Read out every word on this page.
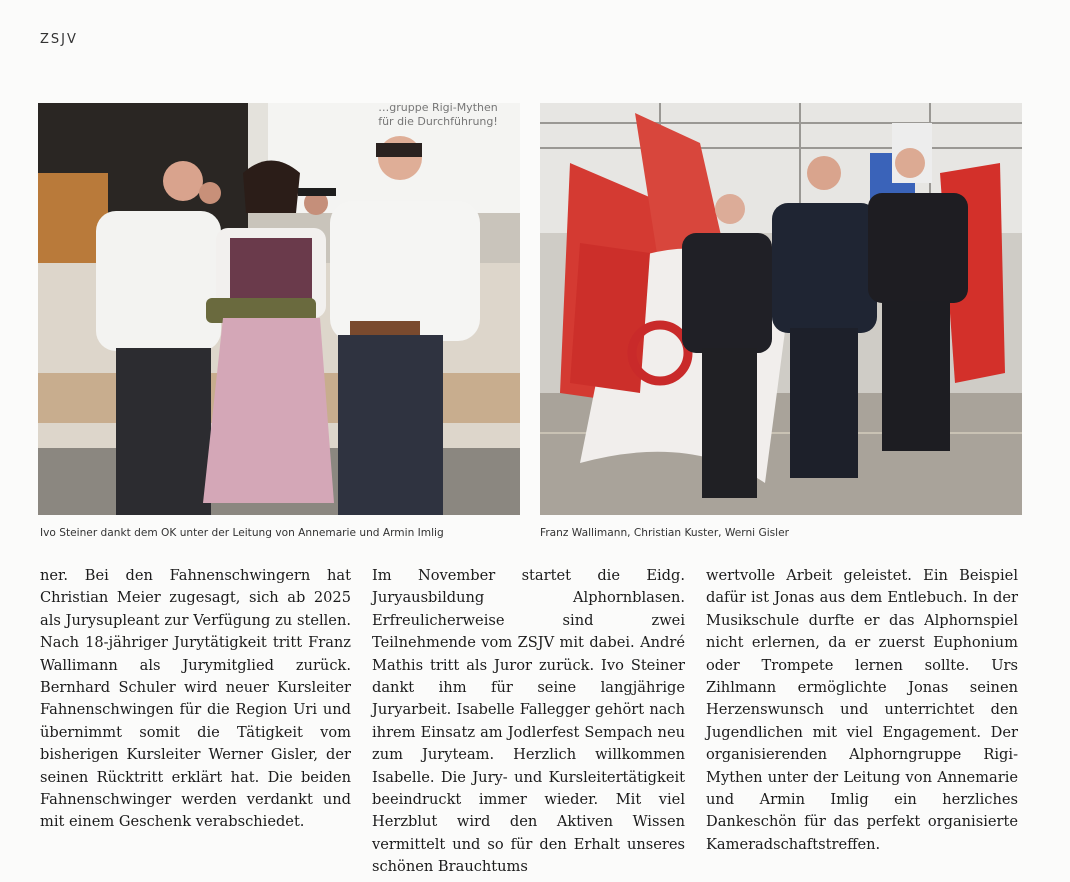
ZSJV
…gruppe Rigi-Mythen
für die Durchführung!
Ivo Steiner dankt dem OK unter der Leitung von Annemarie und Armin Imlig	Franz Wallimann, Christian Kuster, Werni Gisler

ner. Bei den Fahnenschwingern hat Christian Meier zugesagt, sich ab 2025 als Jurysupleant zur Verfügung zu stellen. Nach 18-jähriger Jurytätigkeit tritt Franz Wallimann als Jurymitglied zurück. Bernhard Schuler wird neuer Kursleiter Fahnenschwingen für die Region Uri und übernimmt somit die Tätigkeit vom bisherigen Kursleiter Werner Gisler, der seinen Rücktritt erklärt hat. Die beiden Fahnenschwinger werden verdankt und mit einem Geschenk verabschiedet.

Im November startet die Eidg. Juryausbildung Alphornblasen. Erfreulicherweise sind zwei Teilnehmende vom ZSJV mit dabei. André Mathis tritt als Juror zurück. Ivo Steiner dankt ihm für seine langjährige Juryarbeit. Isabelle Fallegger gehört nach ihrem Einsatz am Jodlerfest Sempach neu zum Juryteam. Herzlich willkommen Isabelle. Die Jury- und Kursleitertätigkeit beeindruckt immer wieder. Mit viel Herzblut wird den Aktiven Wissen vermittelt und so für den Erhalt unseres schönen Brauchtums

wertvolle Arbeit geleistet. Ein Beispiel dafür ist Jonas aus dem Entlebuch. In der Musikschule durfte er das Alphornspiel nicht erlernen, da er zuerst Euphonium oder Trompete lernen sollte. Urs Zihlmann ermöglichte Jonas seinen Herzenswunsch und unterrichtet den Jugendlichen mit viel Engagement. Der organisierenden Alphorngruppe Rigi-Mythen unter der Leitung von Annemarie und Armin Imlig ein herzliches Dankeschön für das perfekt organisierte Kameradschaftstreffen.
